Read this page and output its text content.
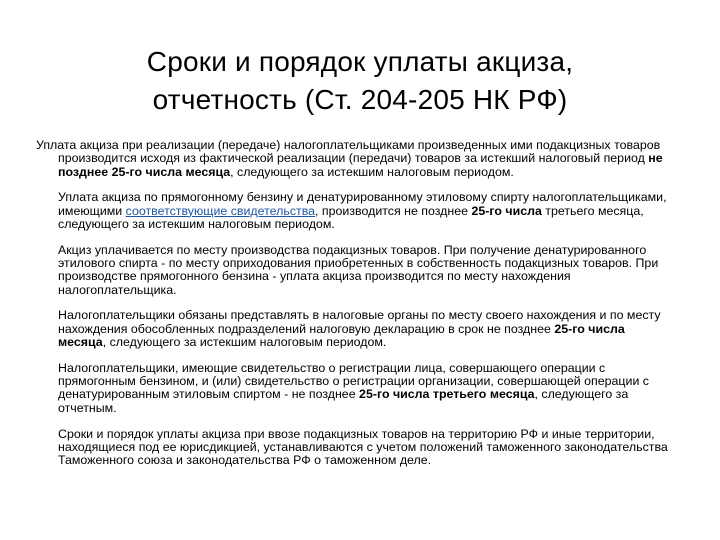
Сроки и порядок уплаты акциза,
отчетность (Ст. 204-205 НК РФ)

Уплата акциза при реализации (передаче) налогоплательщиками произведенных ими подакцизных товаров производится исходя из фактической реализации (передачи) товаров за истекший налоговый период не позднее 25-го числа месяца, следующего за истекшим налоговым периодом.

Уплата акциза по прямогонному бензину и денатурированному этиловому спирту налогоплательщиками, имеющими соответствующие свидетельства, производится не позднее 25-го числа третьего месяца, следующего за истекшим налоговым периодом.

Акциз уплачивается по месту производства подакцизных товаров. При получение денатурированного этилового спирта - по месту оприходования приобретенных в собственность подакцизных товаров. При производстве прямогонного бензина - уплата акциза производится по месту нахождения налогоплательщика.

Налогоплательщики обязаны представлять в налоговые органы по месту своего нахождения и по месту нахождения обособленных подразделений налоговую декларацию в срок не позднее 25-го числа месяца, следующего за истекшим налоговым периодом.

Налогоплательщики, имеющие свидетельство о регистрации лица, совершающего операции с прямогонным бензином, и (или) свидетельство о регистрации организации, совершающей операции с денатурированным этиловым спиртом - не позднее 25-го числа третьего месяца, следующего за отчетным.

Сроки и порядок уплаты акциза при ввозе подакцизных товаров на территорию РФ и иные территории, находящиеся под ее юрисдикцией, устанавливаются с учетом положений таможенного законодательства Таможенного союза и законодательства РФ о таможенном деле.
